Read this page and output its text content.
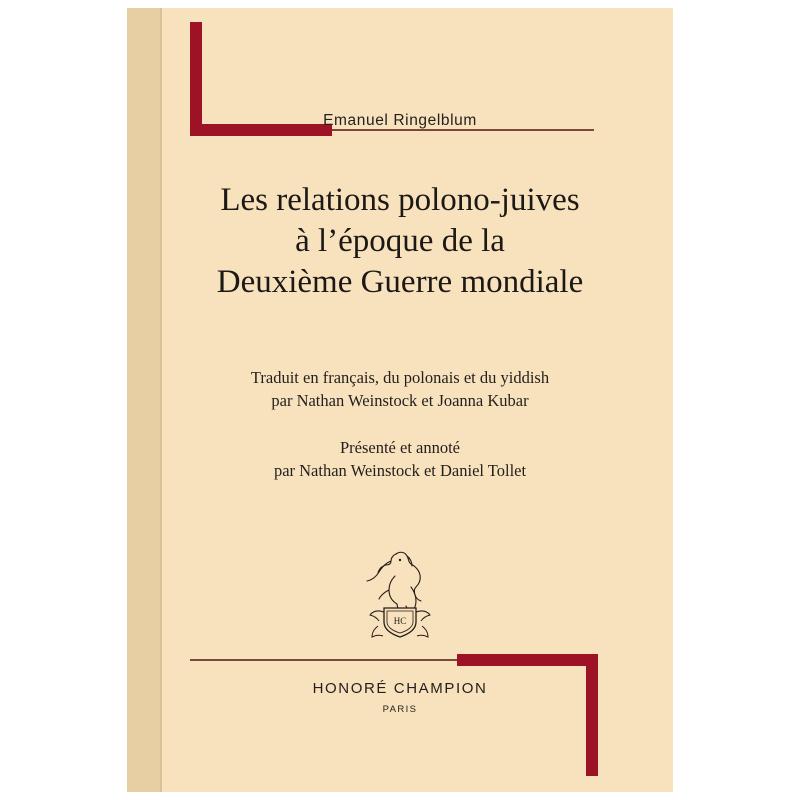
Emanuel Ringelblum
Les relations polono-juives
à l’époque de la
Deuxième Guerre mondiale
Traduit en français, du polonais et du yiddish
par Nathan Weinstock et Joanna Kubar
Présenté et annoté
par Nathan Weinstock et Daniel Tollet
HC
HONORÉ CHAMPION
PARIS
